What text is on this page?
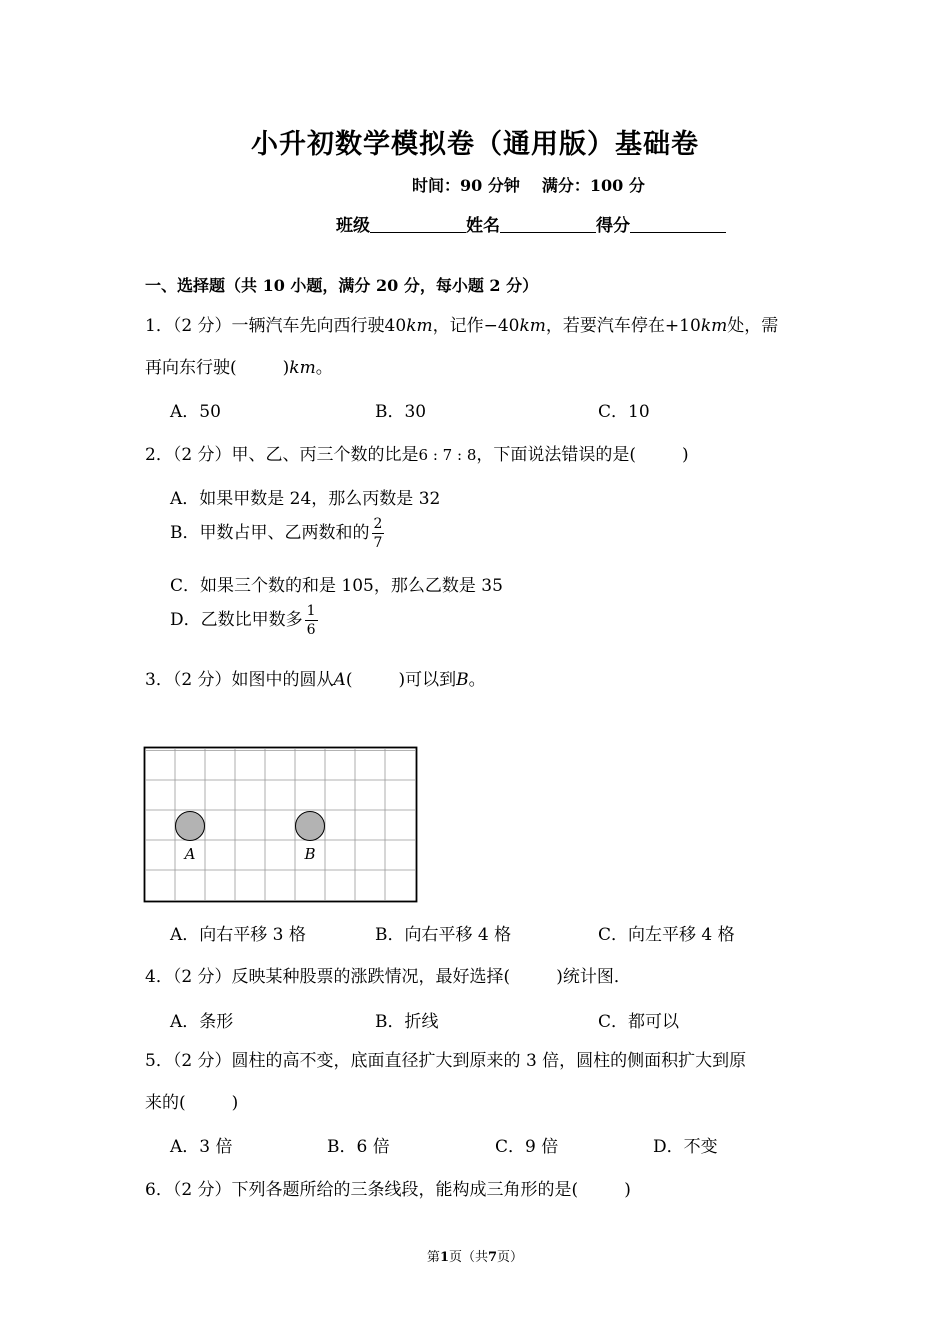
小升初数学模拟卷（通用版）基础卷
时间：90 分钟 满分：100 分
班级	姓名	得分
一、选择题（共 10 小题，满分 20 分，每小题 2 分）
1．（2 分）一辆汽车先向西行驶40km，记作−40km，若要汽车停在+10km处，需
再向东行驶(	)km。
A．50	B．30	C．10
2．（2 分）甲、乙、丙三个数的比是6 : 7 : 8，下面说法错误的是(	)
A．如果甲数是 24，那么丙数是 32
B．甲数占甲、乙两数和的 $\frac{2}{7}$
C．如果三个数的和是 105，那么乙数是 35
D．乙数比甲数多 $\frac{1}{6}$
3．（2 分）如图中的圆从A(	)可以到B。
A	B
A．向右平移 3 格	B．向右平移 4 格	C．向左平移 4 格
4．（2 分）反映某种股票的涨跌情况，最好选择(	)统计图．
A．条形	B．折线	C．都可以
5．（2 分）圆柱的高不变，底面直径扩大到原来的 3 倍，圆柱的侧面积扩大到原
来的(	)
A．3 倍	B．6 倍	C．9 倍	D．不变
6．（2 分）下列各题所给的三条线段，能构成三角形的是(	)
第1页（共7页）
